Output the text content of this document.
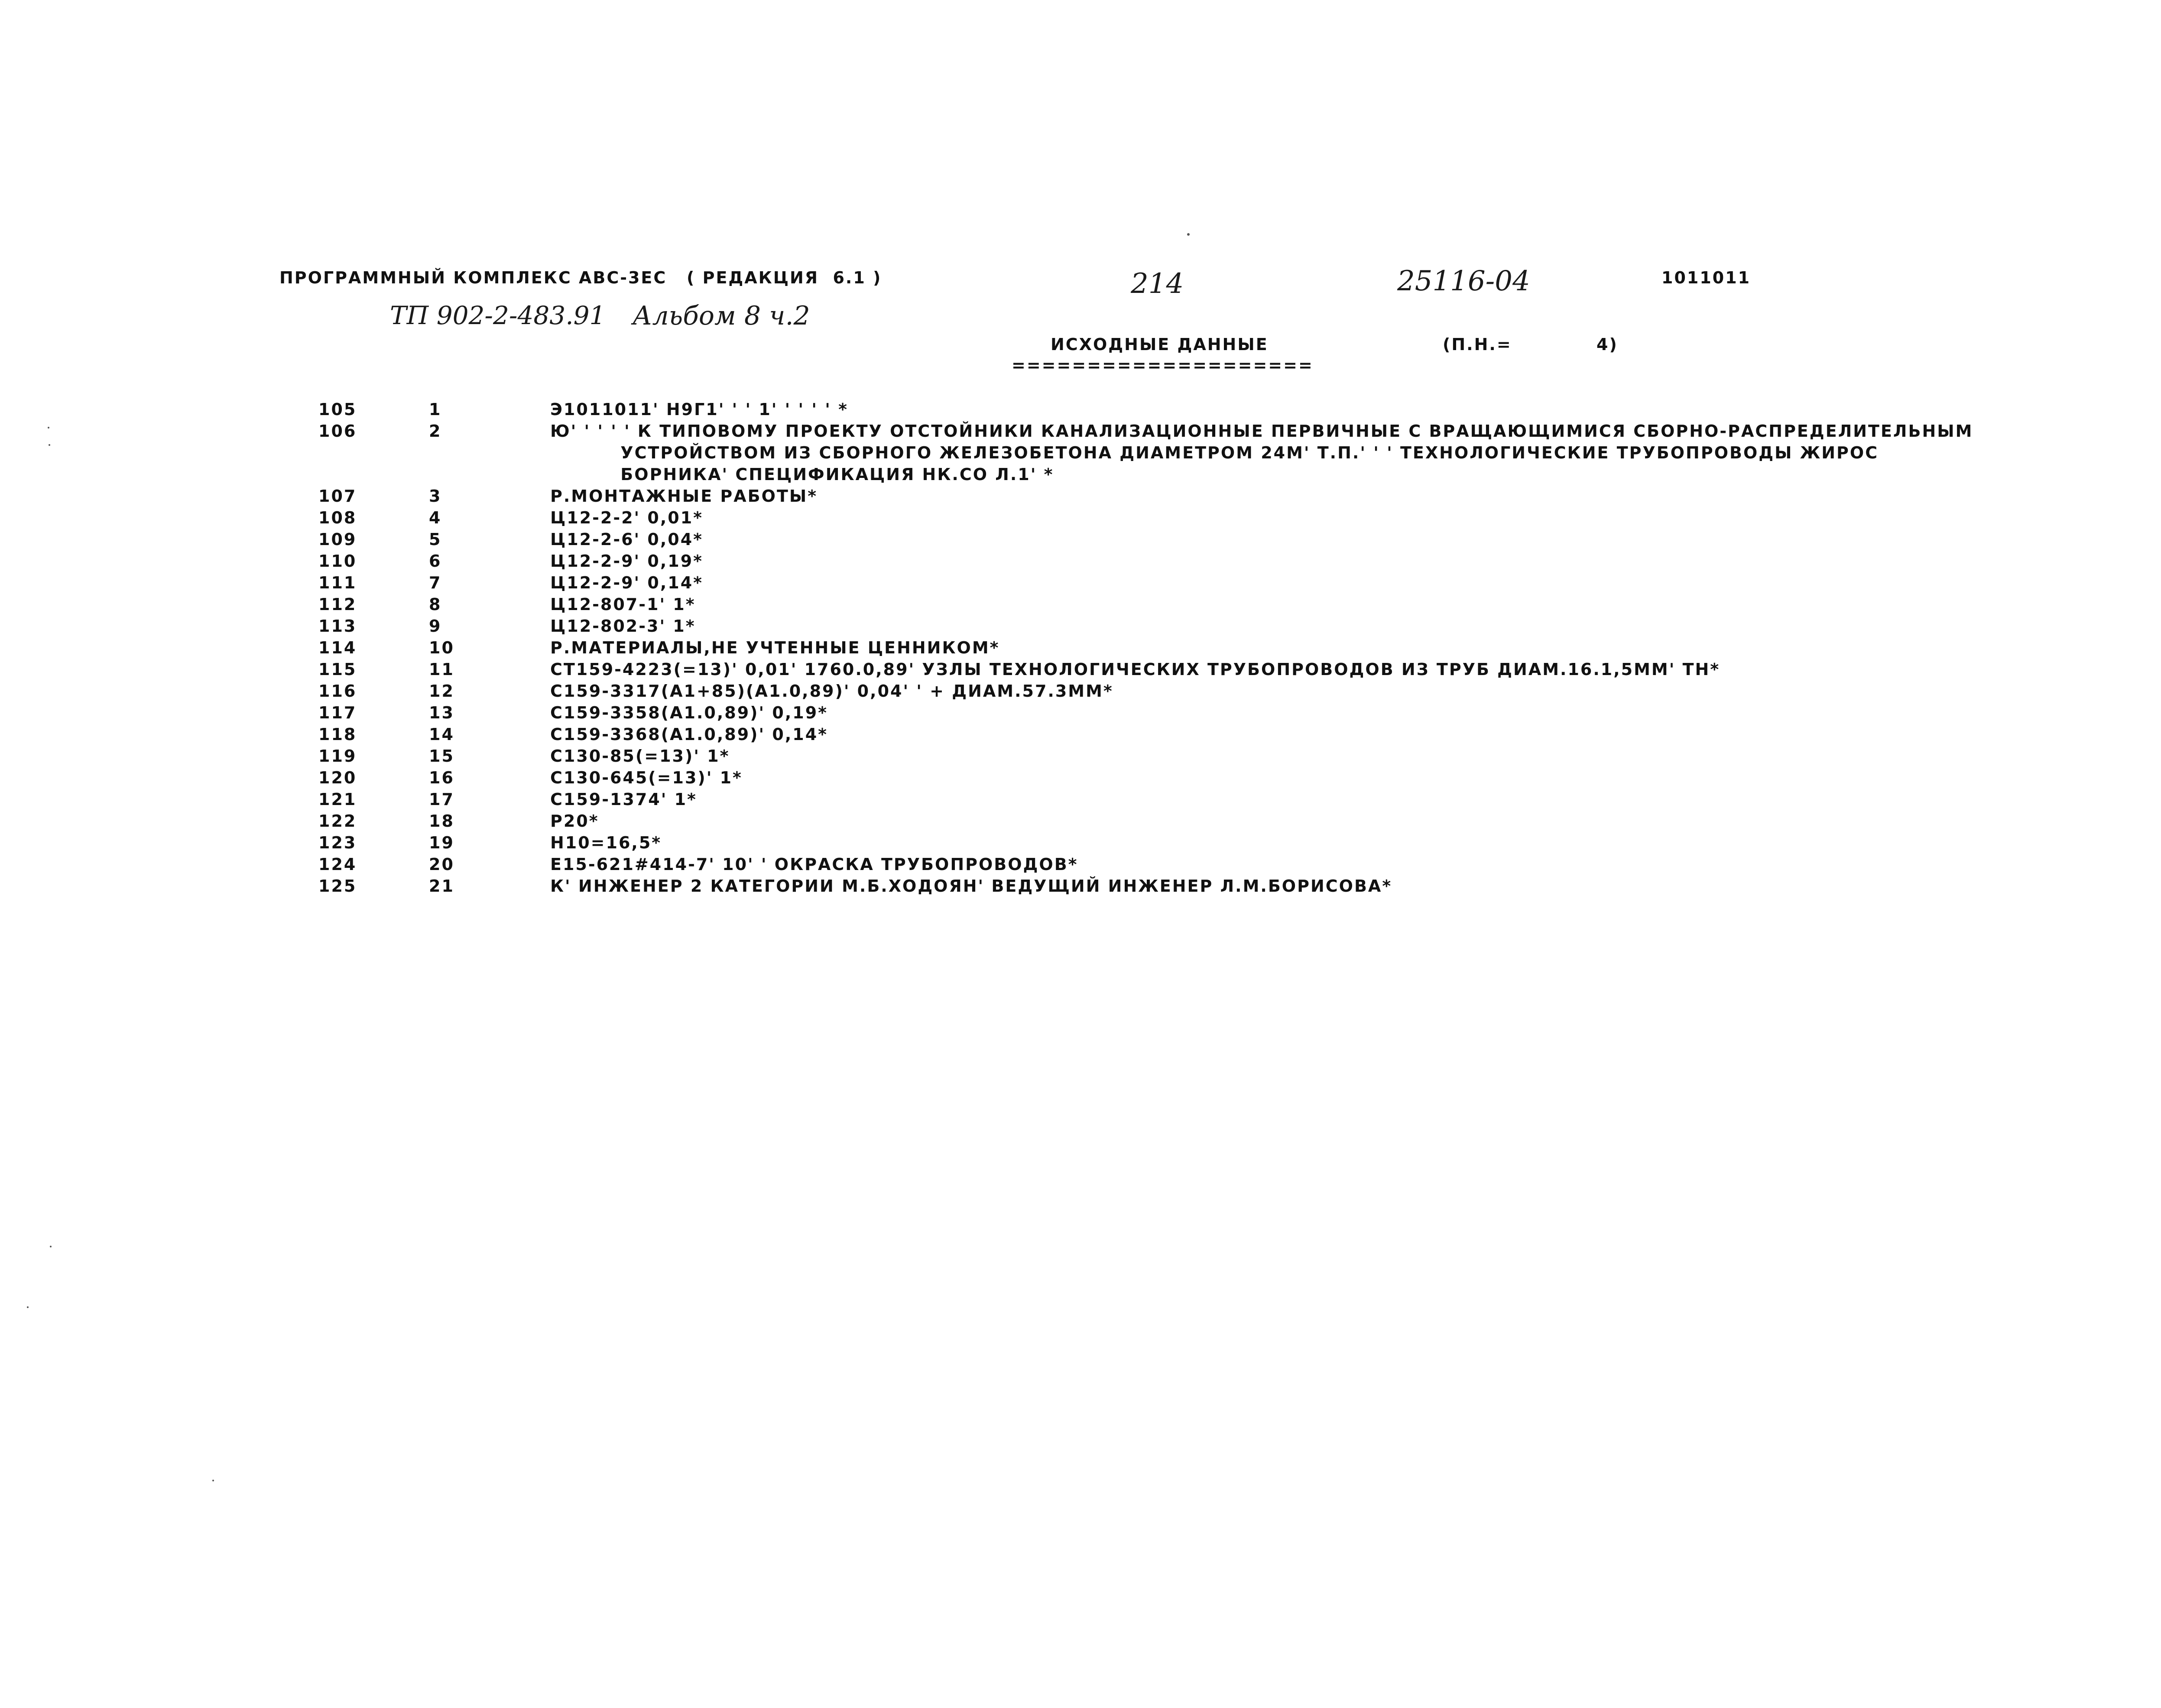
ПРОГРАММНЫЙ КОМПЛЕКС АВС-3ЕС ( РЕДАКЦИЯ  6.1 )	214	25116-04	1011011
ТП 902-2-483.91 Альбом 8 ч.2
ИСХОДНЫЕ ДАННЫЕ
====================
(П.Н.=	4)
105	1	Э1011011' Н9Г1' ' ' 1' ' ' ' ' *
106	2	Ю' ' ' ' ' К ТИПОВОМУ ПРОЕКТУ ОТСТОЙНИКИ КАНАЛИЗАЦИОННЫЕ ПЕРВИЧНЫЕ С ВРАЩАЮЩИМИСЯ СБОРНО-РАСПРЕДЕЛИТЕЛЬНЫМ
УСТРОЙСТВОМ ИЗ СБОРНОГО ЖЕЛЕЗОБЕТОНА ДИАМЕТРОМ 24М' Т.П.' ' ' ТЕХНОЛОГИЧЕСКИЕ ТРУБОПРОВОДЫ ЖИРОС
БОРНИКА' СПЕЦИФИКАЦИЯ НК.СО Л.1' *
107	3	Р.МОНТАЖНЫЕ РАБОТЫ*
108	4	Ц12-2-2' 0,01*
109	5	Ц12-2-6' 0,04*
110	6	Ц12-2-9' 0,19*
111	7	Ц12-2-9' 0,14*
112	8	Ц12-807-1' 1*
113	9	Ц12-802-3' 1*
114	10	Р.МАТЕРИАЛЫ,НЕ УЧТЕННЫЕ ЦЕННИКОМ*
115	11	СТ159-4223(=13)' 0,01' 1760.0,89' УЗЛЫ ТЕХНОЛОГИЧЕСКИХ ТРУБОПРОВОДОВ ИЗ ТРУБ ДИАМ.16.1,5ММ' ТН*
116	12	С159-3317(А1+85)(А1.0,89)' 0,04' ' + ДИАМ.57.3ММ*
117	13	С159-3358(А1.0,89)' 0,19*
118	14	С159-3368(А1.0,89)' 0,14*
119	15	С130-85(=13)' 1*
120	16	С130-645(=13)' 1*
121	17	С159-1374' 1*
122	18	Р20*
123	19	Н10=16,5*
124	20	Е15-621#414-7' 10' ' ОКРАСКА ТРУБОПРОВОДОВ*
125	21	К' ИНЖЕНЕР 2 КАТЕГОРИИ М.Б.ХОДОЯН' ВЕДУЩИЙ ИНЖЕНЕР Л.М.БОРИСОВА*
